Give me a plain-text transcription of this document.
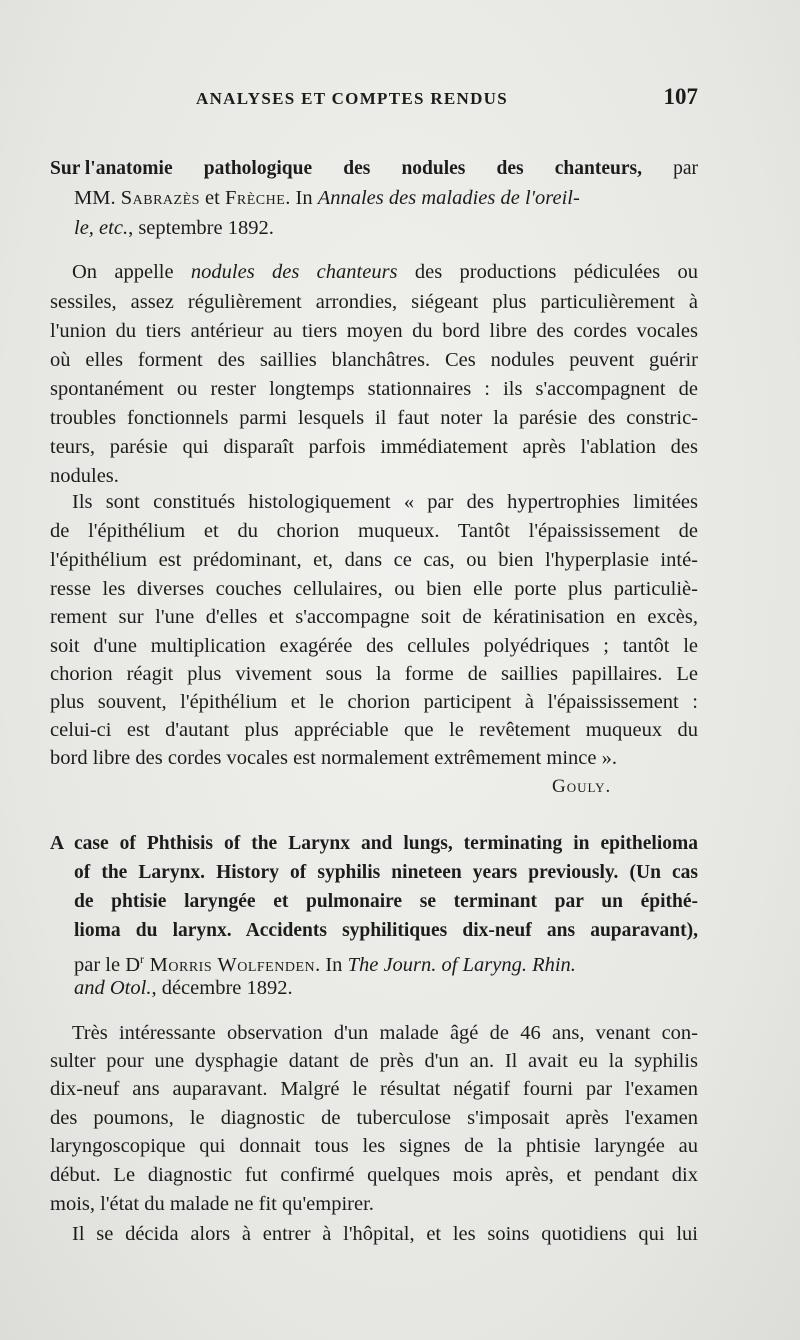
ANALYSES ET COMPTES RENDUS	107
Sur l'anatomie pathologique des nodules des chanteurs, par
MM. Sabrazès et Frèche. In Annales des maladies de l'oreil-
le, etc., septembre 1892.
On appelle nodules des chanteurs des productions pédiculées ou
sessiles, assez régulièrement arrondies, siégeant plus particulièrement à
l'union du tiers antérieur au tiers moyen du bord libre des cordes vocales
où elles forment des saillies blanchâtres. Ces nodules peuvent guérir
spontanément ou rester longtemps stationnaires : ils s'accompagnent de
troubles fonctionnels parmi lesquels il faut noter la parésie des constric-
teurs, parésie qui disparaît parfois immédiatement après l'ablation des
nodules.
Ils sont constitués histologiquement « par des hypertrophies limitées
de l'épithélium et du chorion muqueux. Tantôt l'épaississement de
l'épithélium est prédominant, et, dans ce cas, ou bien l'hyperplasie inté-
resse les diverses couches cellulaires, ou bien elle porte plus particuliè-
rement sur l'une d'elles et s'accompagne soit de kératinisation en excès,
soit d'une multiplication exagérée des cellules polyédriques ; tantôt le
chorion réagit plus vivement sous la forme de saillies papillaires. Le
plus souvent, l'épithélium et le chorion participent à l'épaississement :
celui-ci est d'autant plus appréciable que le revêtement muqueux du
bord libre des cordes vocales est normalement extrêmement mince ».
Gouly.
A case of Phthisis of the Larynx and lungs, terminating in epithelioma
of the Larynx. History of syphilis nineteen years previously. (Un cas
de phtisie laryngée et pulmonaire se terminant par un épithé-
lioma du larynx. Accidents syphilitiques dix-neuf ans auparavant),
par le $D^r$ Morris Wolfenden. In The Journ. of Laryng. Rhin.
and Otol., décembre 1892.
Très intéressante observation d'un malade âgé de 46 ans, venant con-
sulter pour une dysphagie datant de près d'un an. Il avait eu la syphilis
dix-neuf ans auparavant. Malgré le résultat négatif fourni par l'examen
des poumons, le diagnostic de tuberculose s'imposait après l'examen
laryngoscopique qui donnait tous les signes de la phtisie laryngée au
début. Le diagnostic fut confirmé quelques mois après, et pendant dix
mois, l'état du malade ne fit qu'empirer.
Il se décida alors à entrer à l'hôpital, et les soins quotidiens qui lui
